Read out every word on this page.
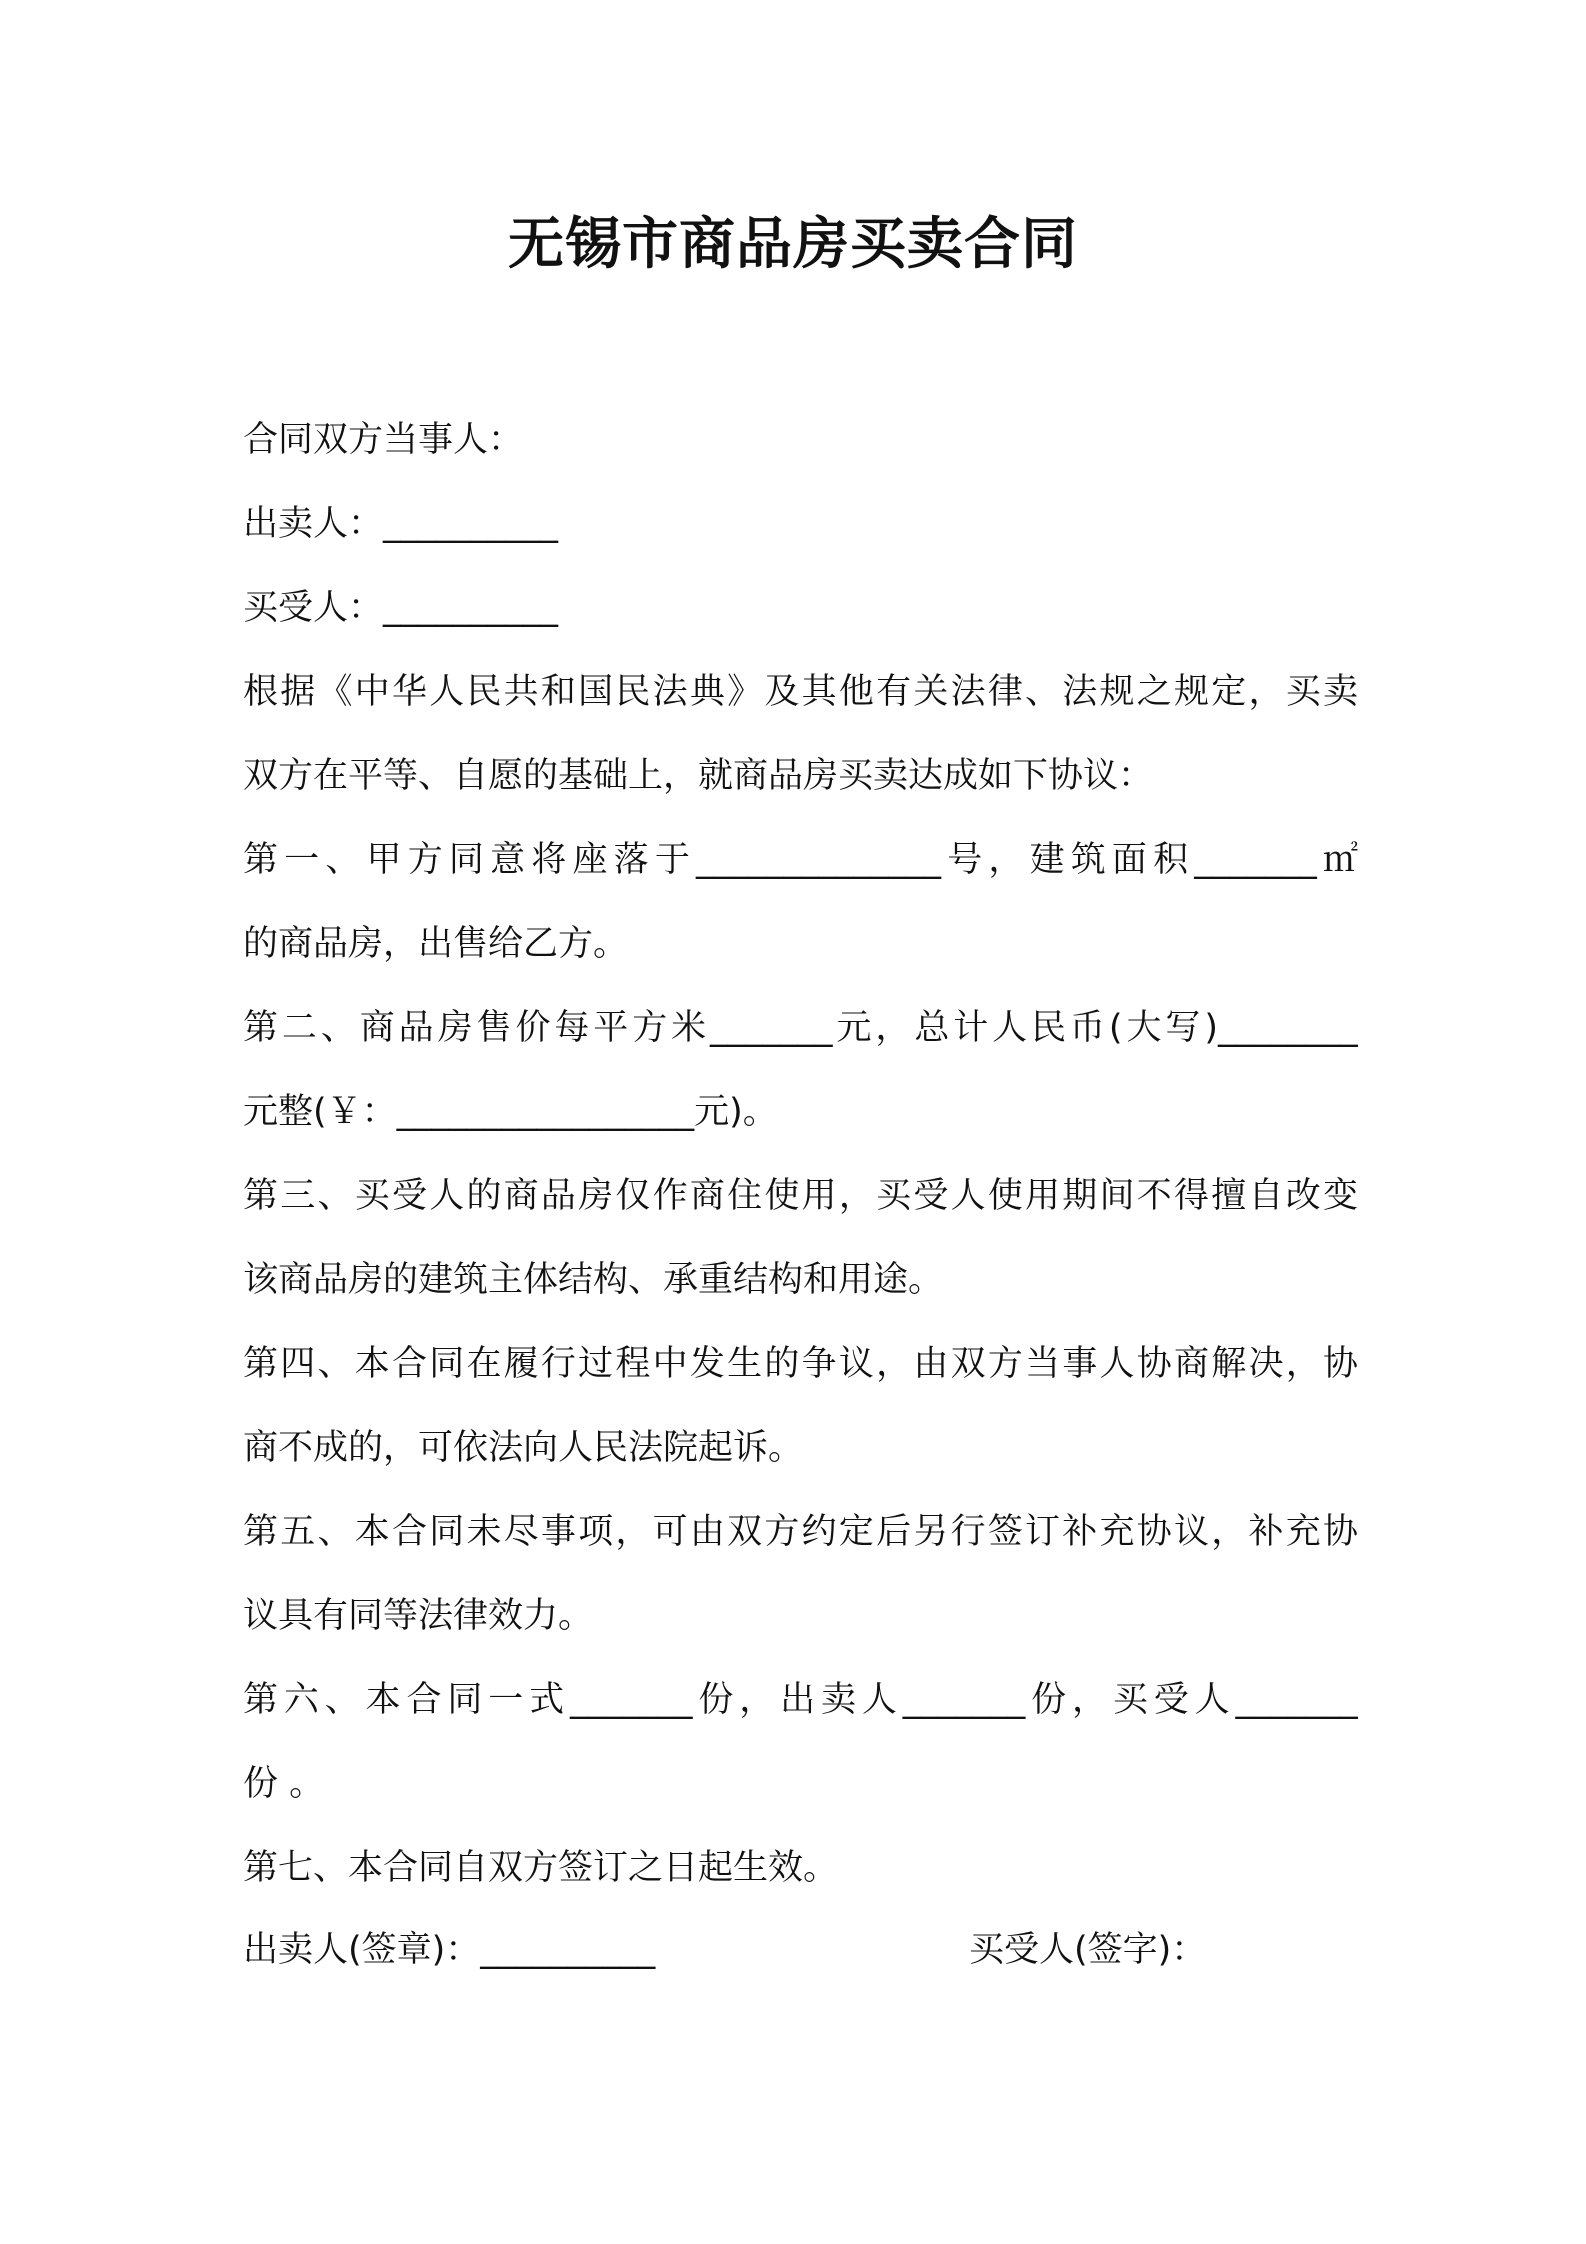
无锡市商品房买卖合同

合同双方当事人：

出卖人：__________

买受人：__________

根据《中华人民共和国民法典》及其他有关法律、法规之规定，买卖

双方在平等、自愿的基础上，就商品房买卖达成如下协议：

第一、甲方同意将座落于______________号，建筑面积_______㎡

的商品房，出售给乙方。

第二、商品房售价每平方米_______元，总计人民币(大写)________

元整(￥：_________________元)。

第三、买受人的商品房仅作商住使用，买受人使用期间不得擅自改变

该商品房的建筑主体结构、承重结构和用途。

第四、本合同在履行过程中发生的争议，由双方当事人协商解决，协

商不成的，可依法向人民法院起诉。

第五、本合同未尽事项，可由双方约定后另行签订补充协议，补充协

议具有同等法律效力。

第六、本合同一式_______份，出卖人_______份，买受人_______

份 。

第七、本合同自双方签订之日起生效。

出卖人(签章)：__________	买受人(签字)：
